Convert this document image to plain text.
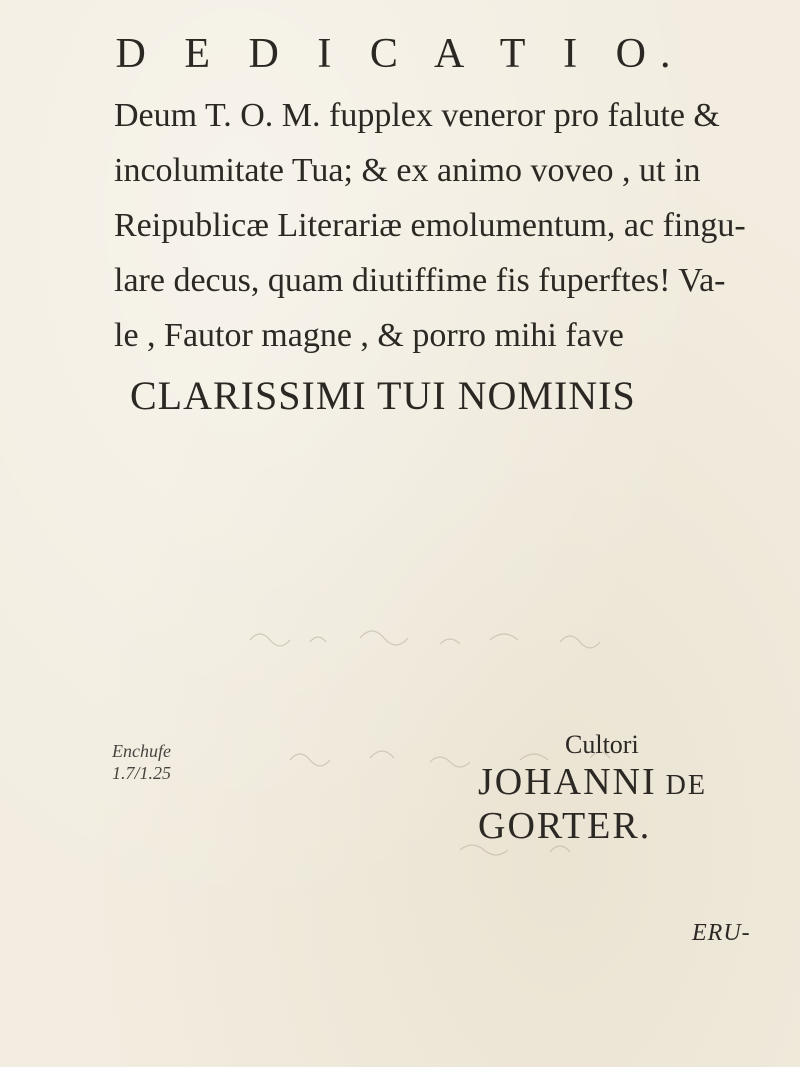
D E D I C A T I O.
Deum T. O. M. fupplex veneror pro falute &
incolumitate Tua; & ex animo voveo , ut in
Reipublicæ Literariæ emolumentum, ac fingu-
lare decus, quam diutiffime fis fuperftes! Va-
le , Fautor magne , & porro mihi fave
CLARISSIMI TUI NOMINIS
Enchufe
1.7/1.25
Cultori
JOHANNI DE GORTER.
ERU-
